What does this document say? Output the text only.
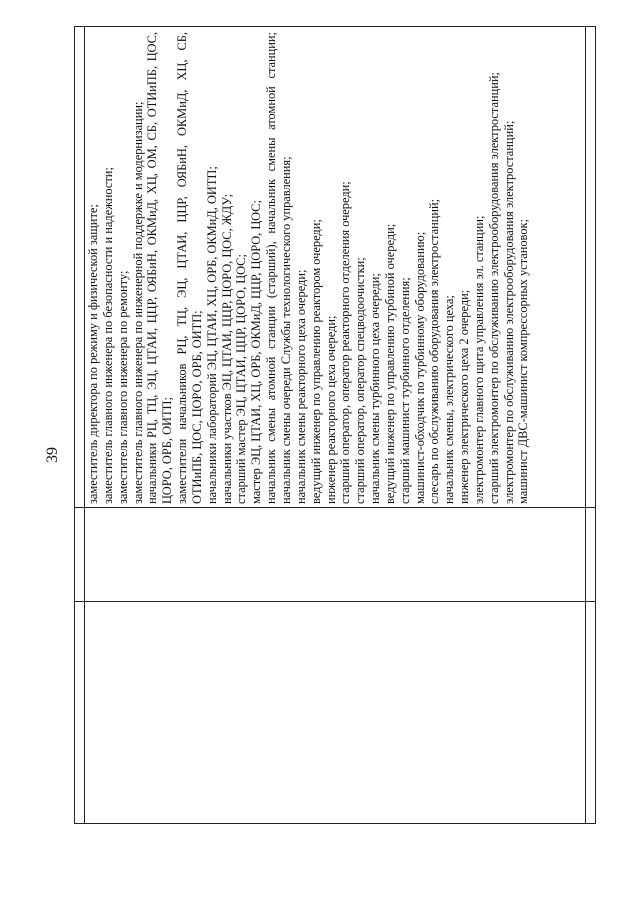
39 заместитель директора по режиму и физической защите; заместитель главного инженера по безопасности и надежности; заместитель главного инженера по ремонту; заместитель главного инженера по инженерной поддержке и модернизации; начальники РЦ, ТЦ, ЭЦ, ЦТАИ, ЦЦР, ОЯБиН, ОКМиД, ХЦ, ОМ, СБ, ОТИиПБ, ЦОС, ЦОРО, ОРБ, ОИТП; заместители начальников РЦ, ТЦ, ЭЦ, ЦТАИ, ЦЦР, ОЯБиН, ОКМиД, ХЦ, СБ, ОТИиПБ, ЦОС, ЦОРО, ОРБ, ОИТП; начальники лабораторий ЭЦ, ЦТАИ, ХЦ, ОРБ, ОКМиД, ОИТП; начальники участков ЭЦ, ЦТАИ, ЦЦР, ЦОРО, ЦОС, ЖДУ; старший мастер ЭЦ, ЦТАИ, ЦЦР, ЦОРО, ЦОС; мастер ЭЦ, ЦТАИ, ХЦ, ОРБ, ОКМиД, ЦЦР, ЦОРО, ЦОС; начальник смены атомной станции (старший), начальник смены атомной станции; начальник смены очереди Службы технологического управления; начальник смены реакторного цеха очереди; ведущий инженер по управлению реактором очереди; инженер реакторного цеха очереди; старший оператор, оператор реакторного отделения очереди; старший оператор, оператор спецводоочистки; начальник смены турбинного цеха очереди; ведущий инженер по управлению турбиной очереди; старший машинист турбинного отделения; машинист-обходчик по турбинному оборудованию; слесарь по обслуживанию оборудования электростанций; начальник смены, электрического цеха; инженер электрического цеха 2 очереди; электромонтер главного щита управления эл. станции; старший электромонтер по обслуживанию электрооборудования электростанций; электромонтер по обслуживанию электрооборудования электростанций; машинист ДВС-машинист компрессорных установок;
